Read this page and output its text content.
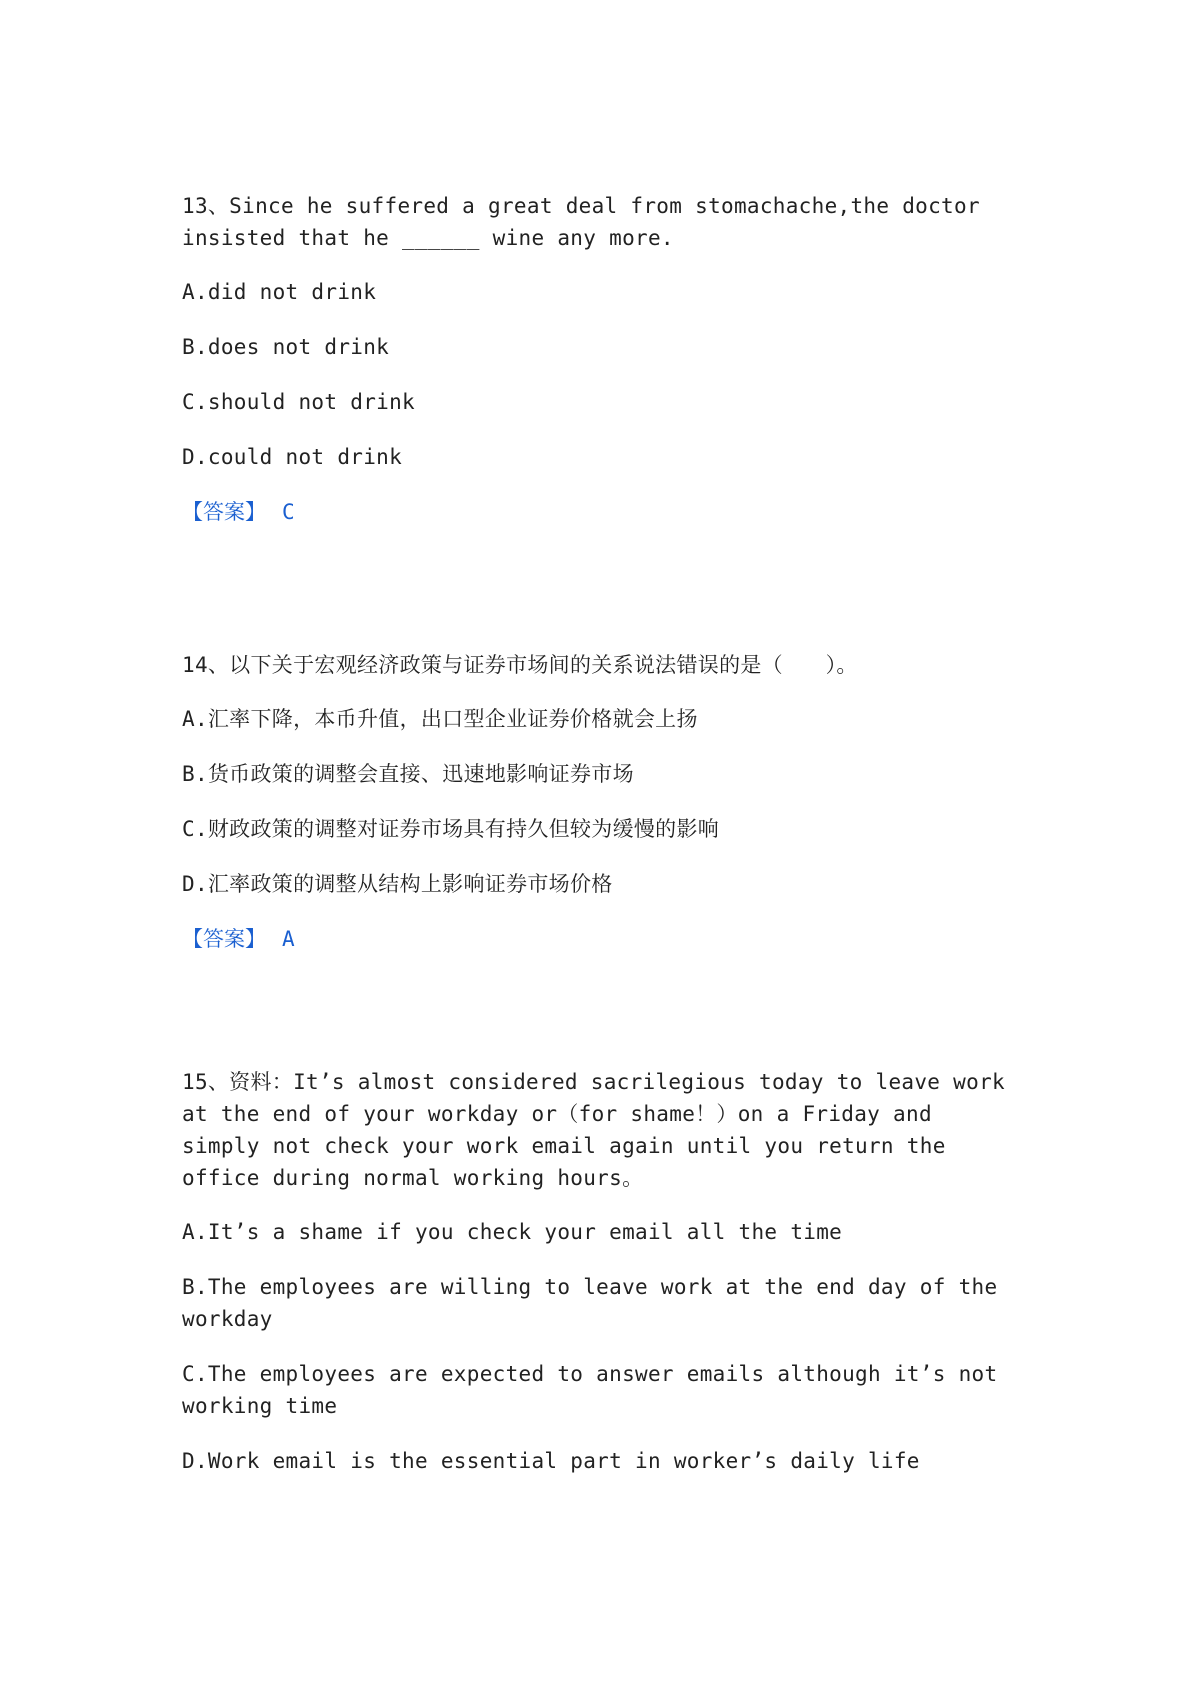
13、Since he suffered a great deal from stomachache,the doctor insisted that he ______ wine any more.

A.did not drink

B.does not drink

C.should not drink

D.could not drink

【答案】 C

14、以下关于宏观经济政策与证券市场间的关系说法错误的是（　　）。

A.汇率下降，本币升值，出口型企业证券价格就会上扬

B.货币政策的调整会直接、迅速地影响证券市场

C.财政政策的调整对证券市场具有持久但较为缓慢的影响

D.汇率政策的调整从结构上影响证券市场价格

【答案】 A

15、资料：It’s almost considered sacrilegious today to leave work at the end of your workday or（for shame！）on a Friday and simply not check your work email again until you return the office during normal working hours。

A.It’s a shame if you check your email all the time

B.The employees are willing to leave work at the end day of the workday

C.The employees are expected to answer emails although it’s not working time

D.Work email is the essential part in worker’s daily life
